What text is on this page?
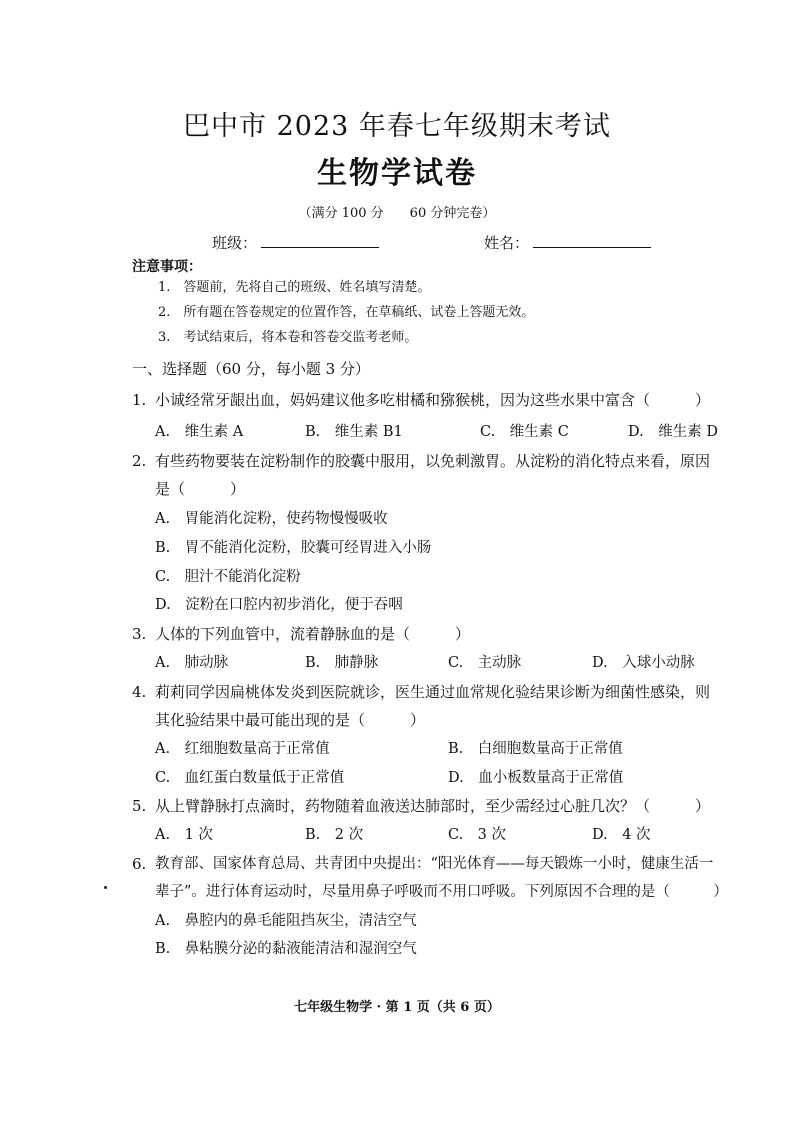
巴中市 2023 年春七年级期末考试
生物学试卷
（满分 100 分　　60 分钟完卷）
班级：	姓名：
注意事项：
1.　答题前，先将自己的班级、姓名填写清楚。
2.　所有题在答卷规定的位置作答，在草稿纸、试卷上答题无效。
3.　考试结束后，将本卷和答卷交监考老师。
一、选择题（60 分，每小题 3 分）
1. 小诚经常牙龈出血，妈妈建议他多吃柑橘和猕猴桃，因为这些水果中富含（　　　）
A.　维生素 A	B.　维生素 B1	C.　维生素 C	D.　维生素 D
2. 有些药物要装在淀粉制作的胶囊中服用，以免刺激胃。从淀粉的消化特点来看，原因
是（　　　）
A.　胃能消化淀粉，使药物慢慢吸收
B.　胃不能消化淀粉，胶囊可经胃进入小肠
C.　胆汁不能消化淀粉
D.　淀粉在口腔内初步消化，便于吞咽
3. 人体的下列血管中，流着静脉血的是（　　　）
A.　肺动脉	B.　肺静脉	C.　主动脉	D.　入球小动脉
4. 莉莉同学因扁桃体发炎到医院就诊，医生通过血常规化验结果诊断为细菌性感染，则
其化验结果中最可能出现的是（　　　）
A.　红细胞数量高于正常值	B.　白细胞数量高于正常值
C.　血红蛋白数量低于正常值	D.　血小板数量高于正常值
5. 从上臂静脉打点滴时，药物随着血液送达肺部时，至少需经过心脏几次？（　　　）
A.　1 次	B.　2 次	C.　3 次	D.　4 次
6. 教育部、国家体育总局、共青团中央提出：“阳光体育——每天锻炼一小时，健康生活一
辈子”。进行体育运动时，尽量用鼻子呼吸而不用口呼吸。下列原因不合理的是（　　　）
A.　鼻腔内的鼻毛能阻挡灰尘，清洁空气
B.　鼻粘膜分泌的黏液能清洁和湿润空气
七年级生物学 · 第 1 页（共 6 页）
